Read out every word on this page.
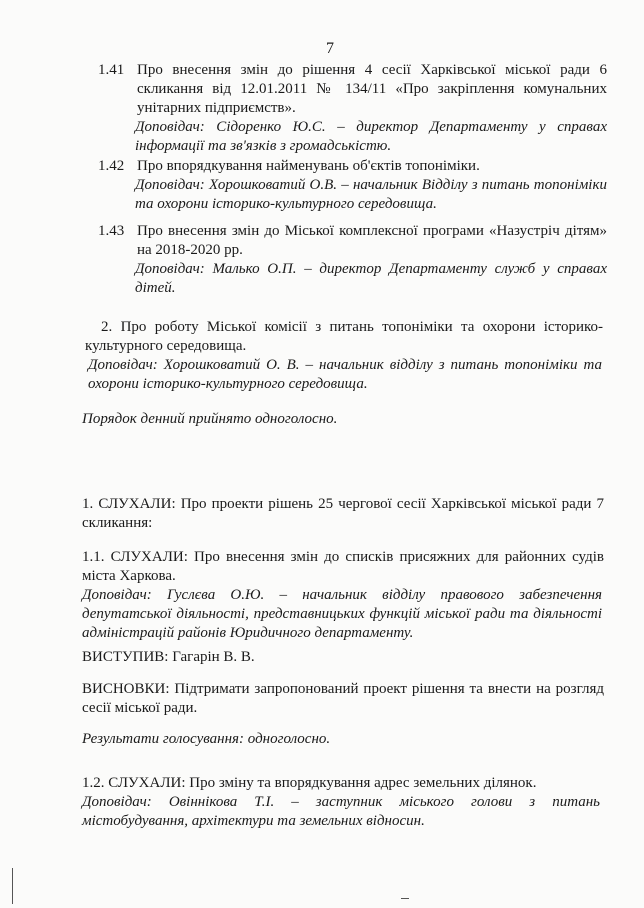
7
1.41 Про внесення змін до рішення 4 сесії Харківської міської ради 6 скликання від 12.01.2011 № 134/11 «Про закріплення комунальних унітарних підприємств».
Доповідач: Сідоренко Ю.С. – директор Департаменту у справах інформації та зв'язків з громадськістю.
1.42 Про впорядкування найменувань об'єктів топоніміки.
Доповідач: Хорошковатий О.В. – начальник Відділу з питань топоніміки та охорони історико-культурного середовища.
1.43 Про внесення змін до Міської комплексної програми «Назустріч дітям» на 2018-2020 рр.
Доповідач: Малько О.П. – директор Департаменту служб у справах дітей.
2. Про роботу Міської комісії з питань топоніміки та охорони історико-культурного середовища.
Доповідач: Хорошковатий О. В. – начальник відділу з питань топоніміки та охорони історико-культурного середовища.
Порядок денний прийнято одноголосно.
1. СЛУХАЛИ: Про проекти рішень 25 чергової сесії Харківської міської ради 7 скликання:
1.1. СЛУХАЛИ: Про внесення змін до списків присяжних для районних судів міста Харкова.
Доповідач: Гуслєва О.Ю. – начальник відділу правового забезпечення депутатської діяльності, представницьких функцій міської ради та діяльності адміністрацій районів Юридичного департаменту.
ВИСТУПИВ: Гагарін В. В.
ВИСНОВКИ: Підтримати запропонований проект рішення та внести на розгляд сесії міської ради.
Результати голосування: одноголосно.
1.2. СЛУХАЛИ: Про зміну та впорядкування адрес земельних ділянок.
Доповідач: Овіннікова Т.І. – заступник міського голови з питань містобудування, архітектури та земельних відносин.
